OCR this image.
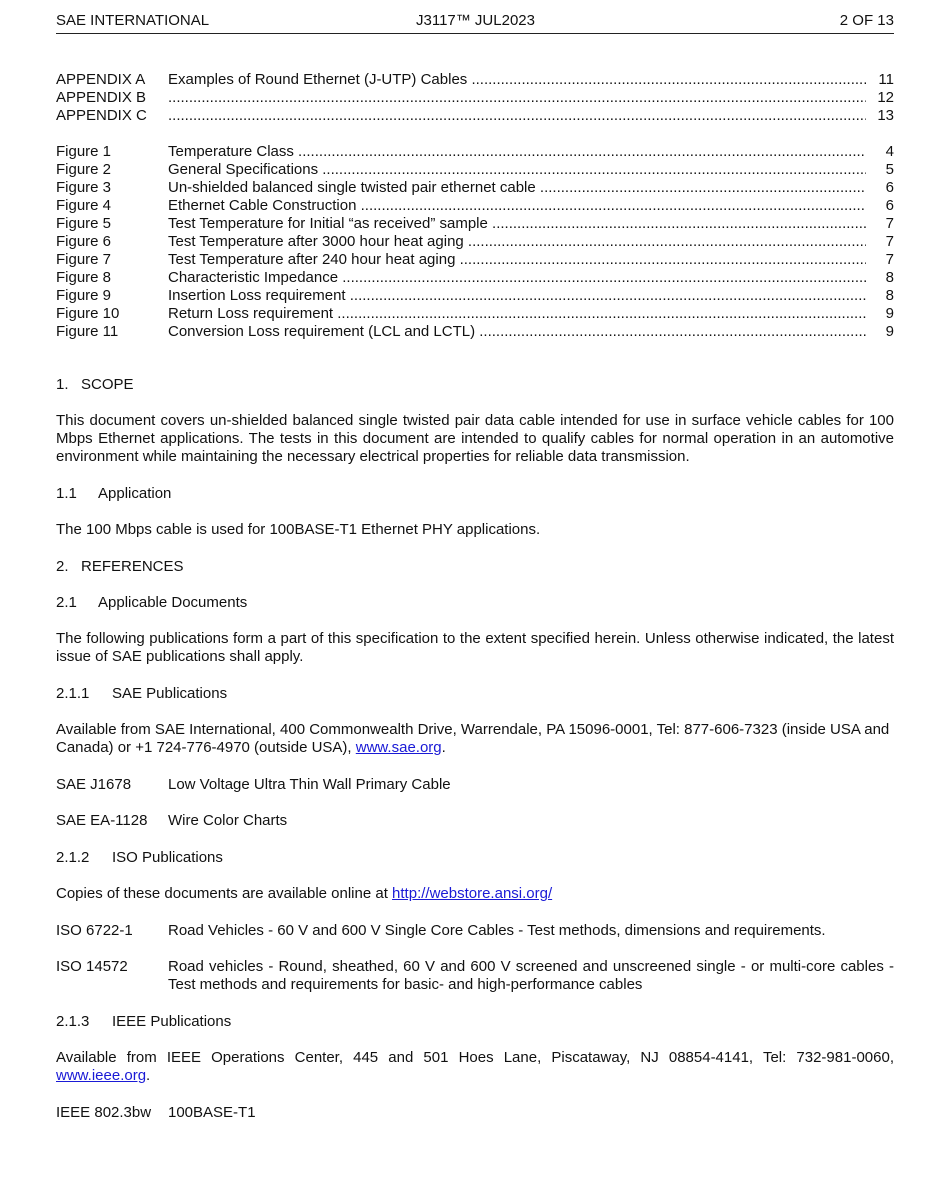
SAE INTERNATIONAL	J3117™ JUL2023	2 OF 13
APPENDIX A Examples of Round Ethernet (J-UTP) Cables .....	11
APPENDIX B .....	12
APPENDIX C .....	13
Figure 1	Temperature Class .....	4
Figure 2	General Specifications .....	5
Figure 3	Un-shielded balanced single twisted pair ethernet cable .....	6
Figure 4	Ethernet Cable Construction .....	6
Figure 5	Test Temperature for Initial “as received” sample .....	7
Figure 6	Test Temperature after 3000 hour heat aging .....	7
Figure 7	Test Temperature after 240 hour heat aging .....	7
Figure 8	Characteristic Impedance .....	8
Figure 9	Insertion Loss requirement .....	8
Figure 10	Return Loss requirement .....	9
Figure 11	Conversion Loss requirement (LCL and LCTL) .....	9
1.   SCOPE
This document covers un-shielded balanced single twisted pair data cable intended for use in surface vehicle cables for 100 Mbps Ethernet applications. The tests in this document are intended to qualify cables for normal operation in an automotive environment while maintaining the necessary electrical properties for reliable data transmission.
1.1 Application
The 100 Mbps cable is used for 100BASE-T1 Ethernet PHY applications.
2.   REFERENCES
2.1 Applicable Documents
The following publications form a part of this specification to the extent specified herein. Unless otherwise indicated, the latest issue of SAE publications shall apply.
2.1.1 SAE Publications
Available from SAE International, 400 Commonwealth Drive, Warrendale, PA 15096-0001, Tel: 877-606-7323 (inside USA and Canada) or +1 724-776-4970 (outside USA), www.sae.org.
SAE J1678 Low Voltage Ultra Thin Wall Primary Cable
SAE EA-1128 Wire Color Charts
2.1.2 ISO Publications
Copies of these documents are available online at http://webstore.ansi.org/
ISO 6722-1 Road Vehicles - 60 V and 600 V Single Core Cables - Test methods, dimensions and requirements.
ISO 14572	Road vehicles - Round, sheathed, 60 V and 600 V screened and unscreened single - or multi-core cables - Test methods and requirements for basic- and high-performance cables
2.1.3 IEEE Publications
Available from IEEE Operations Center, 445 and 501 Hoes Lane, Piscataway, NJ 08854-4141, Tel: 732-981-0060, www.ieee.org.
IEEE 802.3bw 100BASE-T1
